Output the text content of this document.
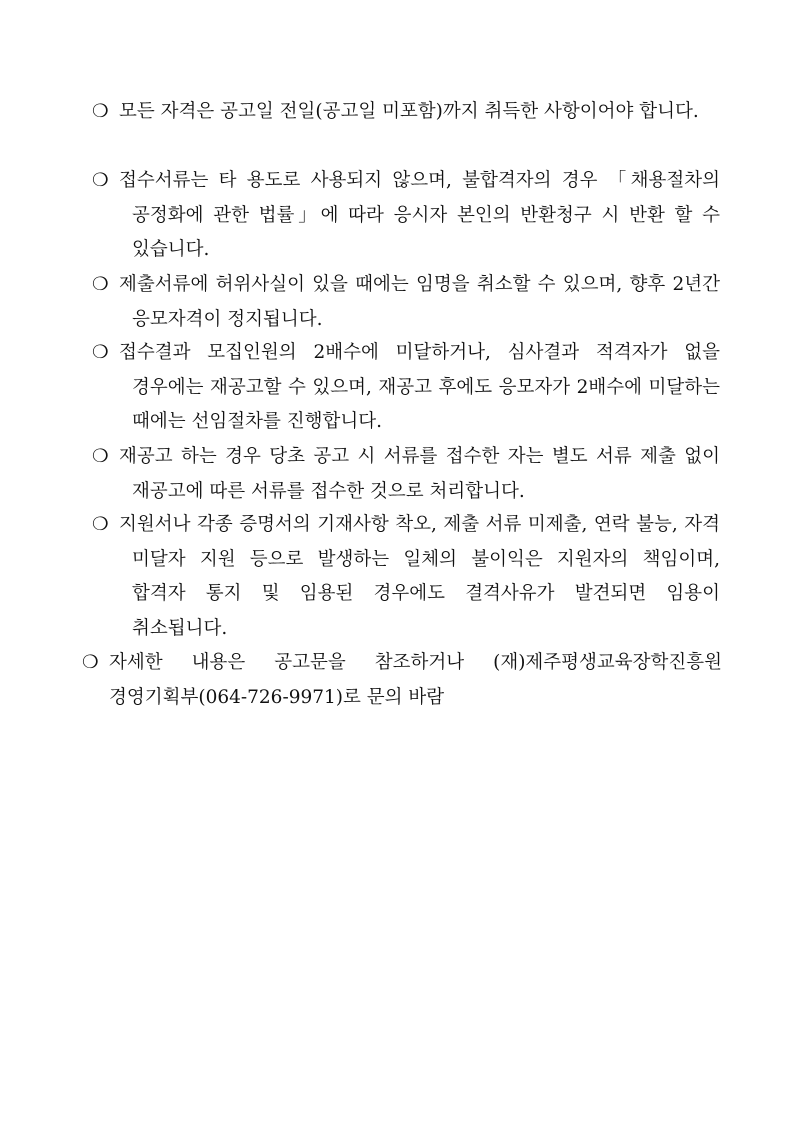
❍ 모든 자격은 공고일 전일(공고일 미포함)까지 취득한 사항이어야 합니다.
❍ 접수서류는 타 용도로 사용되지 않으며, 불합격자의 경우 「채용절차의 공정화에 관한 법률」에 따라 응시자 본인의 반환청구 시 반환 할 수 있습니다.
❍ 제출서류에 허위사실이 있을 때에는 임명을 취소할 수 있으며, 향후 2년간 응모자격이 정지됩니다.
❍ 접수결과 모집인원의 2배수에 미달하거나, 심사결과 적격자가 없을 경우에는 재공고할 수 있으며, 재공고 후에도 응모자가 2배수에 미달하는 때에는 선임절차를 진행합니다.
❍ 재공고 하는 경우 당초 공고 시 서류를 접수한 자는 별도 서류 제출 없이 재공고에 따른 서류를 접수한 것으로 처리합니다.
❍ 지원서나 각종 증명서의 기재사항 착오, 제출 서류 미제출, 연락 불능, 자격 미달자 지원 등으로 발생하는 일체의 불이익은 지원자의 책임이며, 합격자 통지 및 임용된 경우에도 결격사유가 발견되면 임용이 취소됩니다.
❍ 자세한 내용은 공고문을 참조하거나 (재)제주평생교육장학진흥원 경영기획부(064-726-9971)로 문의 바람
